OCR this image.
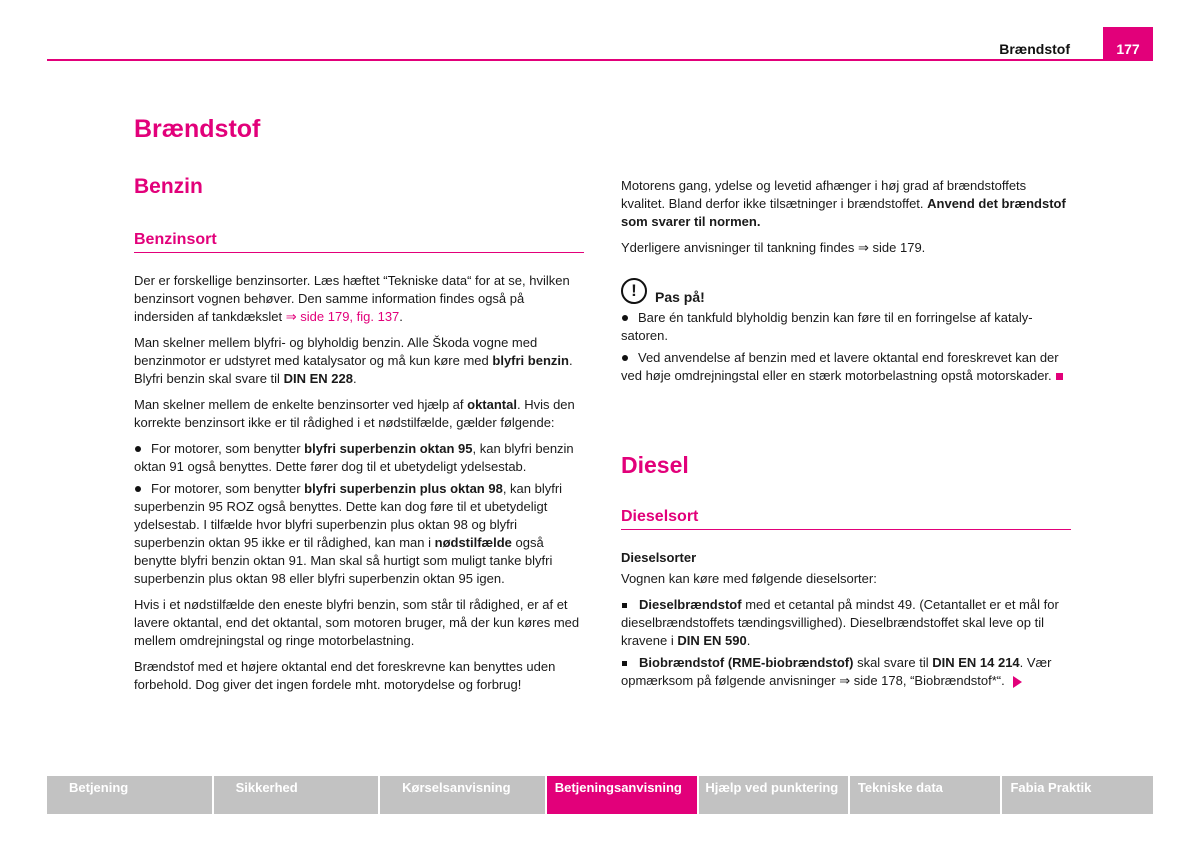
Brændstof	177
Brændstof
Benzin
Benzinsort

Der er forskellige benzinsorter. Læs hæftet “Tekniske data“ for at se, hvilken benzinsort vognen behøver. Den samme information findes også på indersiden af tankdækslet ⇒ side 179, fig. 137.

Man skelner mellem blyfri- og blyholdig benzin. Alle Škoda vogne med benzinmotor er udstyret med katalysator og må kun køre med blyfri benzin. Blyfri benzin skal svare til DIN EN 228.

Man skelner mellem de enkelte benzinsorter ved hjælp af oktantal. Hvis den korrekte benzinsort ikke er til rådighed i et nødstilfælde, gælder følgende:

For motorer, som benytter blyfri superbenzin oktan 95, kan blyfri benzin oktan 91 også benyttes. Dette fører dog til et ubetydeligt ydelsestab.

For motorer, som benytter blyfri superbenzin plus oktan 98, kan blyfri superbenzin 95 ROZ også benyttes. Dette kan dog føre til et ubetydeligt ydelsestab. I tilfælde hvor blyfri superbenzin plus oktan 98 og blyfri superbenzin oktan 95 ikke er til rådighed, kan man i nødstilfælde også benytte blyfri benzin oktan 91. Man skal så hurtigt som muligt tanke blyfri superbenzin plus oktan 98 eller blyfri superbenzin oktan 95 igen.

Hvis i et nødstilfælde den eneste blyfri benzin, som står til rådighed, er af et lavere oktantal, end det oktantal, som motoren bruger, må der kun køres med mellem omdrejningstal og ringe motorbelastning.

Brændstof med et højere oktantal end det foreskrevne kan benyttes uden forbehold. Dog giver det ingen fordele mht. motorydelse og forbrug!

Motorens gang, ydelse og levetid afhænger i høj grad af brændstoffets kvalitet. Bland derfor ikke tilsætninger i brændstoffet. Anvend det brændstof som svarer til normen.

Yderligere anvisninger til tankning findes ⇒ side 179.

!	Pas på!

Bare én tankfuld blyholdig benzin kan føre til en forringelse af katalysatoren.

Ved anvendelse af benzin med et lavere oktantal end foreskrevet kan der ved høje omdrejningstal eller en stærk motorbelastning opstå motorskader.

Diesel
Dieselsort
Dieselsorter

Vognen kan køre med følgende dieselsorter:

Dieselbrændstof med et cetantal på mindst 49. (Cetantallet er et mål for dieselbrændstoffets tændingsvillighed). Dieselbrændstoffet skal leve op til kravene i DIN EN 590.

Biobrændstof (RME-biobrændstof) skal svare til DIN EN 14 214. Vær opmærksom på følgende anvisninger ⇒ side 178, “Biobrændstof*“.

Betjening	Sikkerhed	Kørselsanvisning	Betjeningsanvisning	Hjælp ved punktering	Tekniske data	Fabia Praktik
